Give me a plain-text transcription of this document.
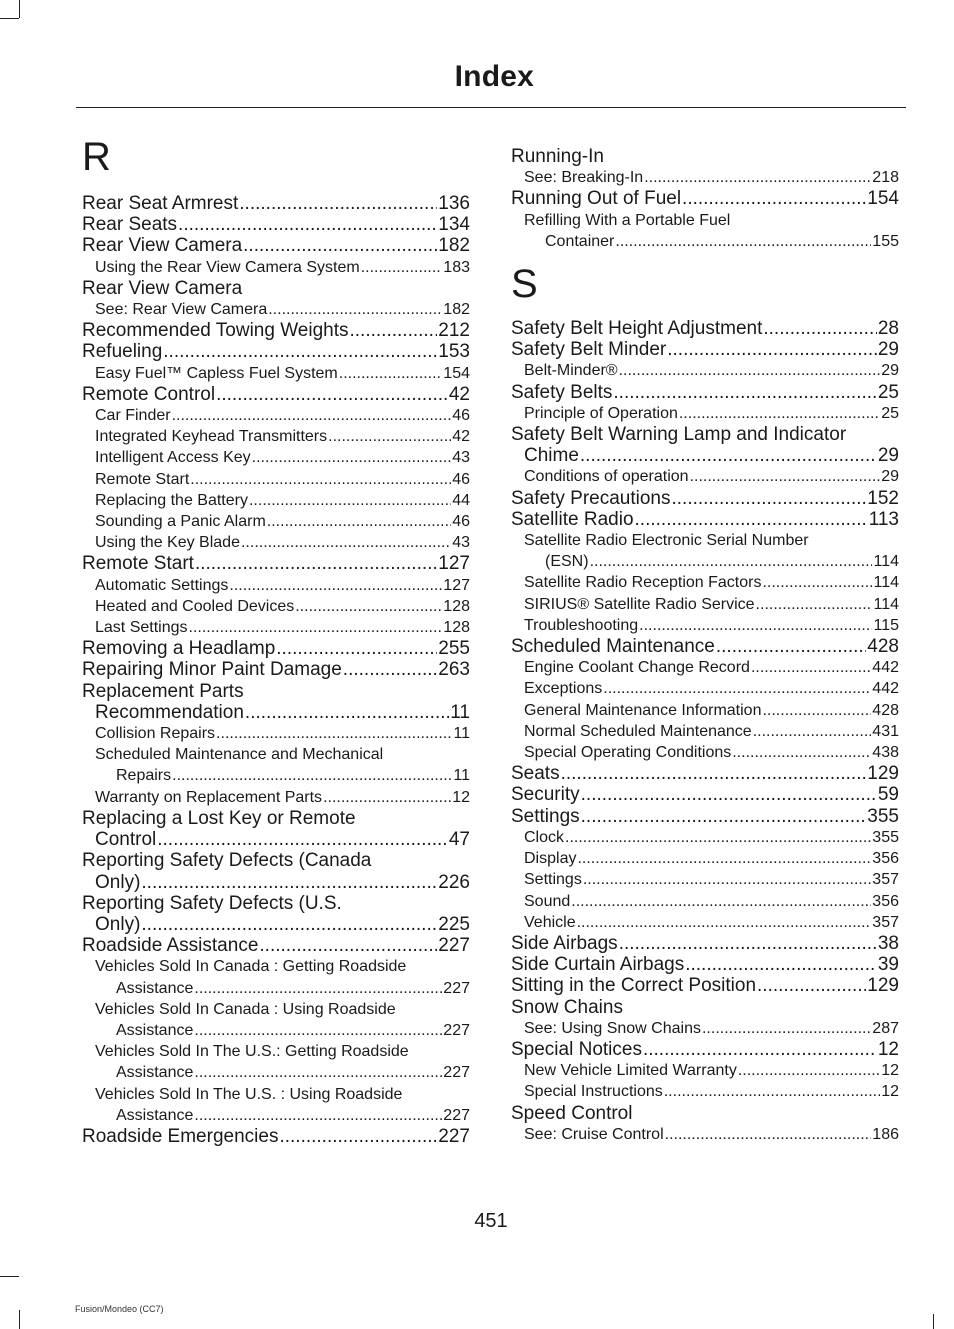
Index
R
Rear Seat Armrest .....	136
Rear Seats .....	134
Rear View Camera .....	182
Using the Rear View Camera System .....	183
Rear View Camera
See: Rear View Camera .....	182
Recommended Towing Weights .....	212
Refueling .....	153
Easy Fuel™ Capless Fuel System .....	154
Remote Control .....	42
Car Finder .....	46
Integrated Keyhead Transmitters .....	42
Intelligent Access Key .....	43
Remote Start .....	46
Replacing the Battery .....	44
Sounding a Panic Alarm .....	46
Using the Key Blade .....	43
Remote Start .....	127
Automatic Settings .....	127
Heated and Cooled Devices .....	128
Last Settings .....	128
Removing a Headlamp .....	255
Repairing Minor Paint Damage .....	263
Replacement Parts
Recommendation .....	11
Collision Repairs .....	11
Scheduled Maintenance and Mechanical
Repairs .....	11
Warranty on Replacement Parts .....	12
Replacing a Lost Key or Remote
Control .....	47
Reporting Safety Defects (Canada
Only) .....	226
Reporting Safety Defects (U.S.
Only) .....	225
Roadside Assistance .....	227
Vehicles Sold In Canada : Getting Roadside
Assistance .....	227
Vehicles Sold In Canada : Using Roadside
Assistance .....	227
Vehicles Sold In The U.S.: Getting Roadside
Assistance .....	227
Vehicles Sold In The U.S. : Using Roadside
Assistance .....	227
Roadside Emergencies .....	227
Running-In
See: Breaking-In .....	218
Running Out of Fuel .....	154
Refilling With a Portable Fuel
Container .....	155
S
Safety Belt Height Adjustment .....	28
Safety Belt Minder .....	29
Belt-Minder® .....	29
Safety Belts .....	25
Principle of Operation .....	25
Safety Belt Warning Lamp and Indicator
Chime .....	29
Conditions of operation .....	29
Safety Precautions .....	152
Satellite Radio .....	113
Satellite Radio Electronic Serial Number
(ESN) .....	114
Satellite Radio Reception Factors .....	114
SIRIUS® Satellite Radio Service .....	114
Troubleshooting .....	115
Scheduled Maintenance .....	428
Engine Coolant Change Record .....	442
Exceptions .....	442
General Maintenance Information .....	428
Normal Scheduled Maintenance .....	431
Special Operating Conditions .....	438
Seats .....	129
Security .....	59
Settings .....	355
Clock .....	355
Display .....	356
Settings .....	357
Sound .....	356
Vehicle .....	357
Side Airbags .....	38
Side Curtain Airbags .....	39
Sitting in the Correct Position .....	129
Snow Chains
See: Using Snow Chains .....	287
Special Notices .....	12
New Vehicle Limited Warranty .....	12
Special Instructions .....	12
Speed Control
See: Cruise Control .....	186
451
Fusion/Mondeo (CC7)
